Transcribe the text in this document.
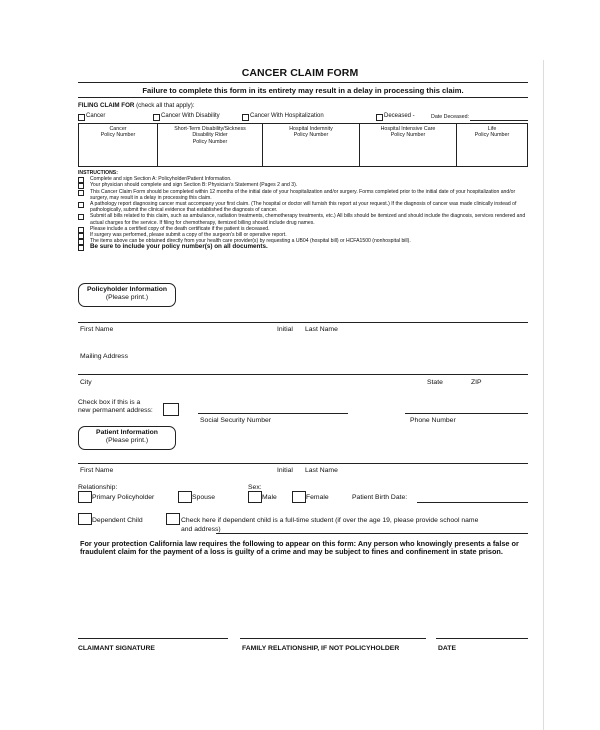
CANCER CLAIM FORM
Failure to complete this form in its entirety may result in a delay in processing this claim.
FILING CLAIM FOR (check all that apply):
Cancer	Cancer With Disability	Cancer With Hospitalization	Deceased -	Date Deceased:
Cancer
Policy Number

Short-Term Disability/Sickness
Disability Rider
Policy Number

Hospital Indemnity
Policy Number

Hospital Intensive Care
Policy Number

Life
Policy Number
INSTRUCTIONS:
Complete and sign Section A: Policyholder/Patient Information.
Your physician should complete and sign Section B: Physician's Statement (Pages 2 and 3).
This Cancer Claim Form should be completed within 12 months of the initial date of your hospitalization and/or surgery. Forms completed prior to the initial date of your hospitalization and/or surgery, may result in a delay in processing this claim.
A pathology report diagnosing cancer must accompany your first claim. (The hospital or doctor will furnish this report at your request.) If the diagnosis of cancer was made clinically instead of pathologically, submit the clinical evidence that established the diagnosis of cancer.
Submit all bills related to this claim, such as ambulance, radiation treatments, chemotherapy treatments, etc.) All bills should be itemized and should include the diagnosis, services rendered and actual charges for the service. If filing for chemotherapy, itemized billing should include drug names.
Please include a certified copy of the death certificate if the patient is deceased.
If surgery was performed, please submit a copy of the surgeon's bill or operative report.
The items above can be obtained directly from your health care provider(s) by requesting a UB04 (hospital bill) or HCFA1500 (nonhospital bill).
Be sure to include your policy number(s) on all documents.
Policyholder Information
(Please print.)
First Name	Initial Last Name
Mailing Address
City	State	ZIP
Check box if this is a
new permanent address:
Social Security Number	Phone Number
Patient Information
(Please print.)
First Name	Initial Last Name
Relationship:
Primary Policyholder	Spouse
Sex:
Male	Female	Patient Birth Date:
Dependent Child	Check here if dependent child is a full-time student (if over the age 19, please provide school name
and address)
For your protection California law requires the following to appear on this form: Any person who knowingly presents a false or fraudulent claim for the payment of a loss is guilty of a crime and may be subject to fines and confinement in state prison.
CLAIMANT SIGNATURE	FAMILY RELATIONSHIP, IF NOT POLICYHOLDER	DATE
